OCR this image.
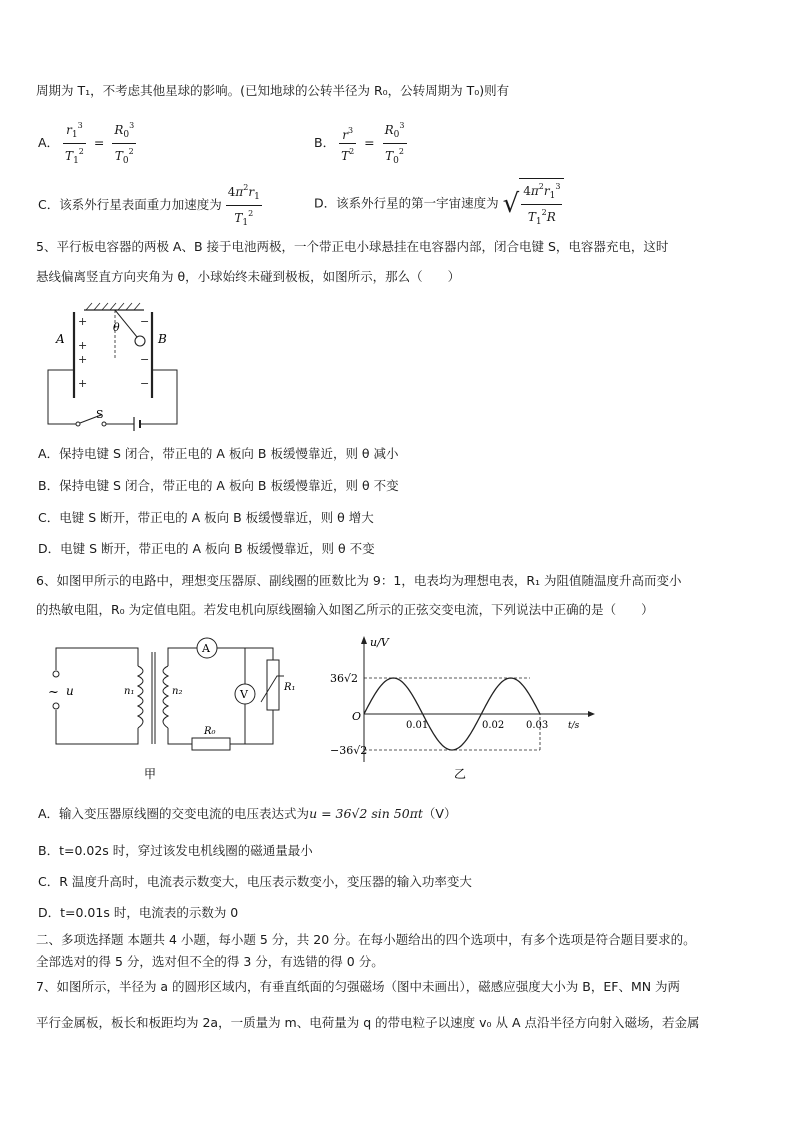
周期为 T₁，不考虑其他星球的影响。(已知地球的公转半径为 R₀，公转周期为 T₀)则有
A． $\frac{r_1^3}{T_1^2} = \frac{R_0^3}{T_0^2}$	B． $\frac{r^3}{T^2} = \frac{R_0^3}{T_0^2}$
C．该系外行星表面重力加速度为 $\frac{4\pi^2r_1}{T_1^2}$	D．该系外行星的第一宇宙速度为 √ $\frac{4\pi^2r_1^3}{T_1^2R}$
5、平行板电容器的两极 A、B 接于电池两极，一个带正电小球悬挂在电容器内部，闭合电键 S，电容器充电，这时
悬线偏离竖直方向夹角为 θ，小球始终未碰到极板，如图所示，那么（　　）
θ
+
+
+
+
−
−
−
A	B
S
A．保持电键 S 闭合，带正电的 A 板向 B 板缓慢靠近，则 θ 减小
B．保持电键 S 闭合，带正电的 A 板向 B 板缓慢靠近，则 θ 不变
C．电键 S 断开，带正电的 A 板向 B 板缓慢靠近，则 θ 增大
D．电键 S 断开，带正电的 A 板向 B 板缓慢靠近，则 θ 不变
6、如图甲所示的电路中，理想变压器原、副线圈的匝数比为 9：1，电表均为理想电表，R₁ 为阻值随温度升高而变小
的热敏电阻，R₀ 为定值电阻。若发电机向原线圈输入如图乙所示的正弦交变电流，下列说法中正确的是（　　）
~ u	n₁	n₂
A
V
R₁
R₀
甲
u/V
t/s
O
36√2
−36√2
0.01	0.02 0.03
乙
A．输入变压器原线圈的交变电流的电压表达式为u = 36√2 sin 50πt（V）
B．t=0.02s 时，穿过该发电机线圈的磁通量最小
C．R 温度升高时，电流表示数变大，电压表示数变小，变压器的输入功率变大
D．t=0.01s 时，电流表的示数为 0
二、多项选择题 本题共 4 小题，每小题 5 分，共 20 分。在每小题给出的四个选项中，有多个选项是符合题目要求的。
全部选对的得 5 分，选对但不全的得 3 分，有选错的得 0 分。
7、如图所示，半径为 a 的圆形区域内，有垂直纸面的匀强磁场（图中未画出），磁感应强度大小为 B，EF、MN 为两
平行金属板，板长和板距均为 2a，一质量为 m、电荷量为 q 的带电粒子以速度 v₀ 从 A 点沿半径方向射入磁场，若金属
